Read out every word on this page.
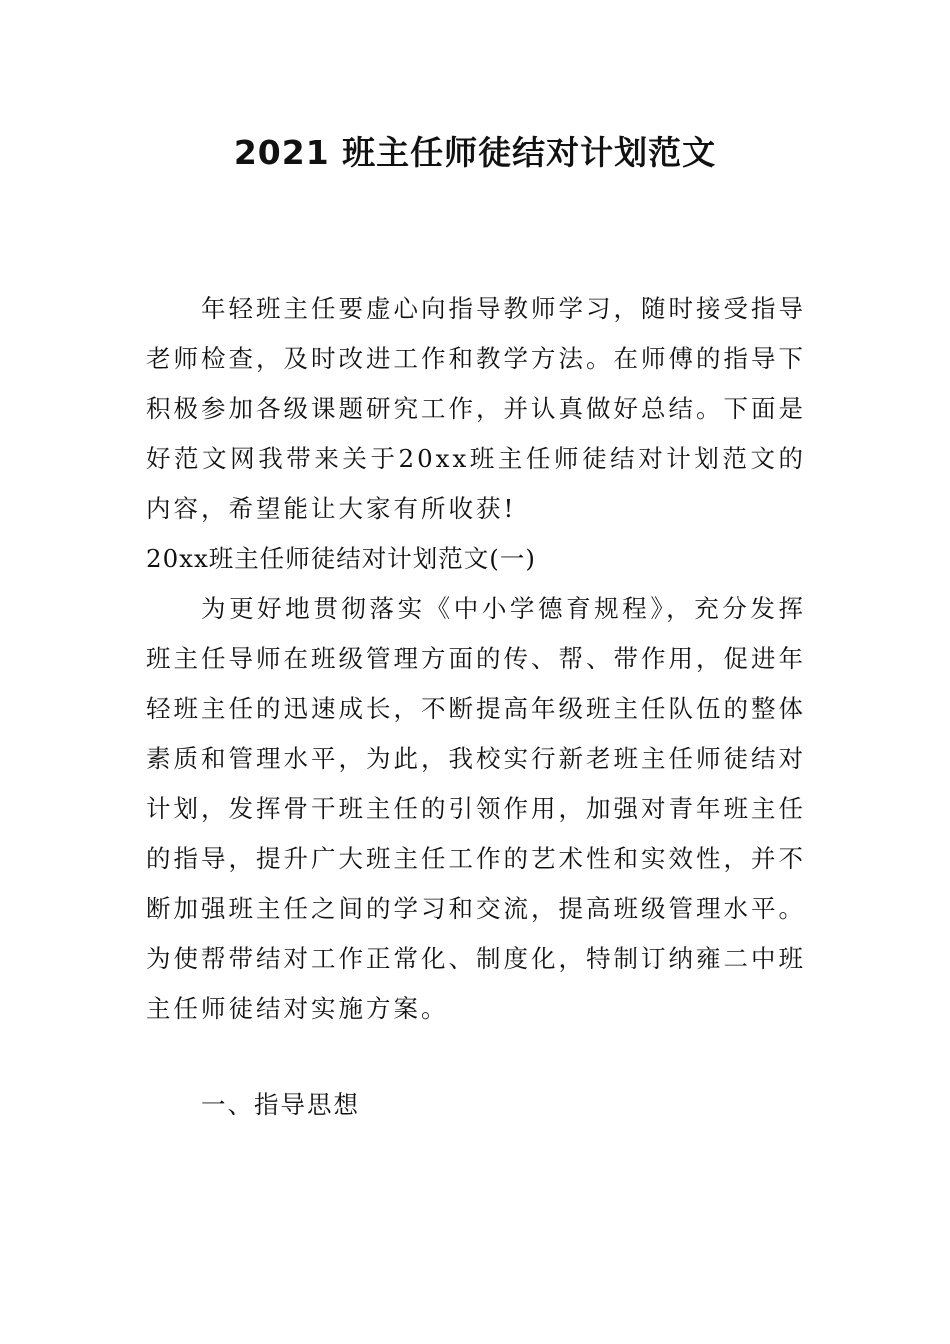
2021 班主任师徒结对计划范文

年轻班主任要虚心向指导教师学习，随时接受指导老师检查，及时改进工作和教学方法。在师傅的指导下积极参加各级课题研究工作，并认真做好总结。下面是好范文网我带来关于20xx班主任师徒结对计划范文的内容，希望能让大家有所收获!

20xx班主任师徒结对计划范文(一)

为更好地贯彻落实《中小学德育规程》，充分发挥班主任导师在班级管理方面的传、帮、带作用，促进年轻班主任的迅速成长，不断提高年级班主任队伍的整体素质和管理水平，为此，我校实行新老班主任师徒结对计划，发挥骨干班主任的引领作用，加强对青年班主任的指导，提升广大班主任工作的艺术性和实效性，并不断加强班主任之间的学习和交流，提高班级管理水平。为使帮带结对工作正常化、制度化，特制订纳雍二中班主任师徒结对实施方案。

一、指导思想
